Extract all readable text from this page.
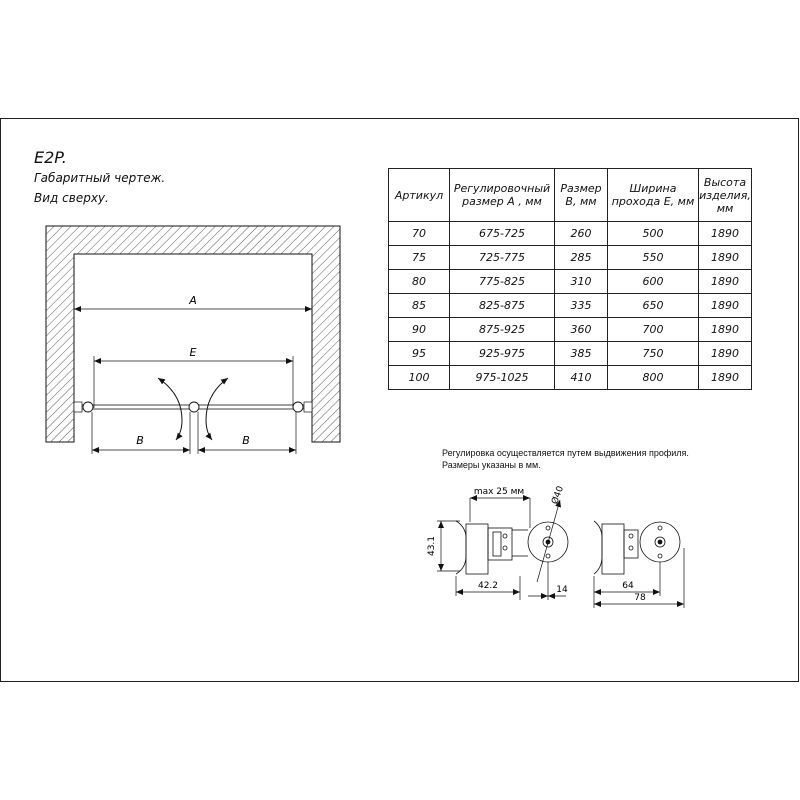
E2P.
Габаритный чертеж.
Вид сверху.	Артикул	Регулировочный размер А , мм	Размер В, мм	Ширина прохода Е, мм	Высота изделия, мм
70	675-725	260	500	1890
75	725-775	285	550	1890
80	775-825	310	600	1890
85	825-875	335	650	1890
90	875-925	360	700	1890
95	925-975	385	750	1890
100	975-1025	410	800	1890
Регулировка осуществляется путем выдвижения профиля.
Размеры указаны в мм.
A
E
B	B
43.1
max 25 мм
42.2	14
Ø40
64
78
